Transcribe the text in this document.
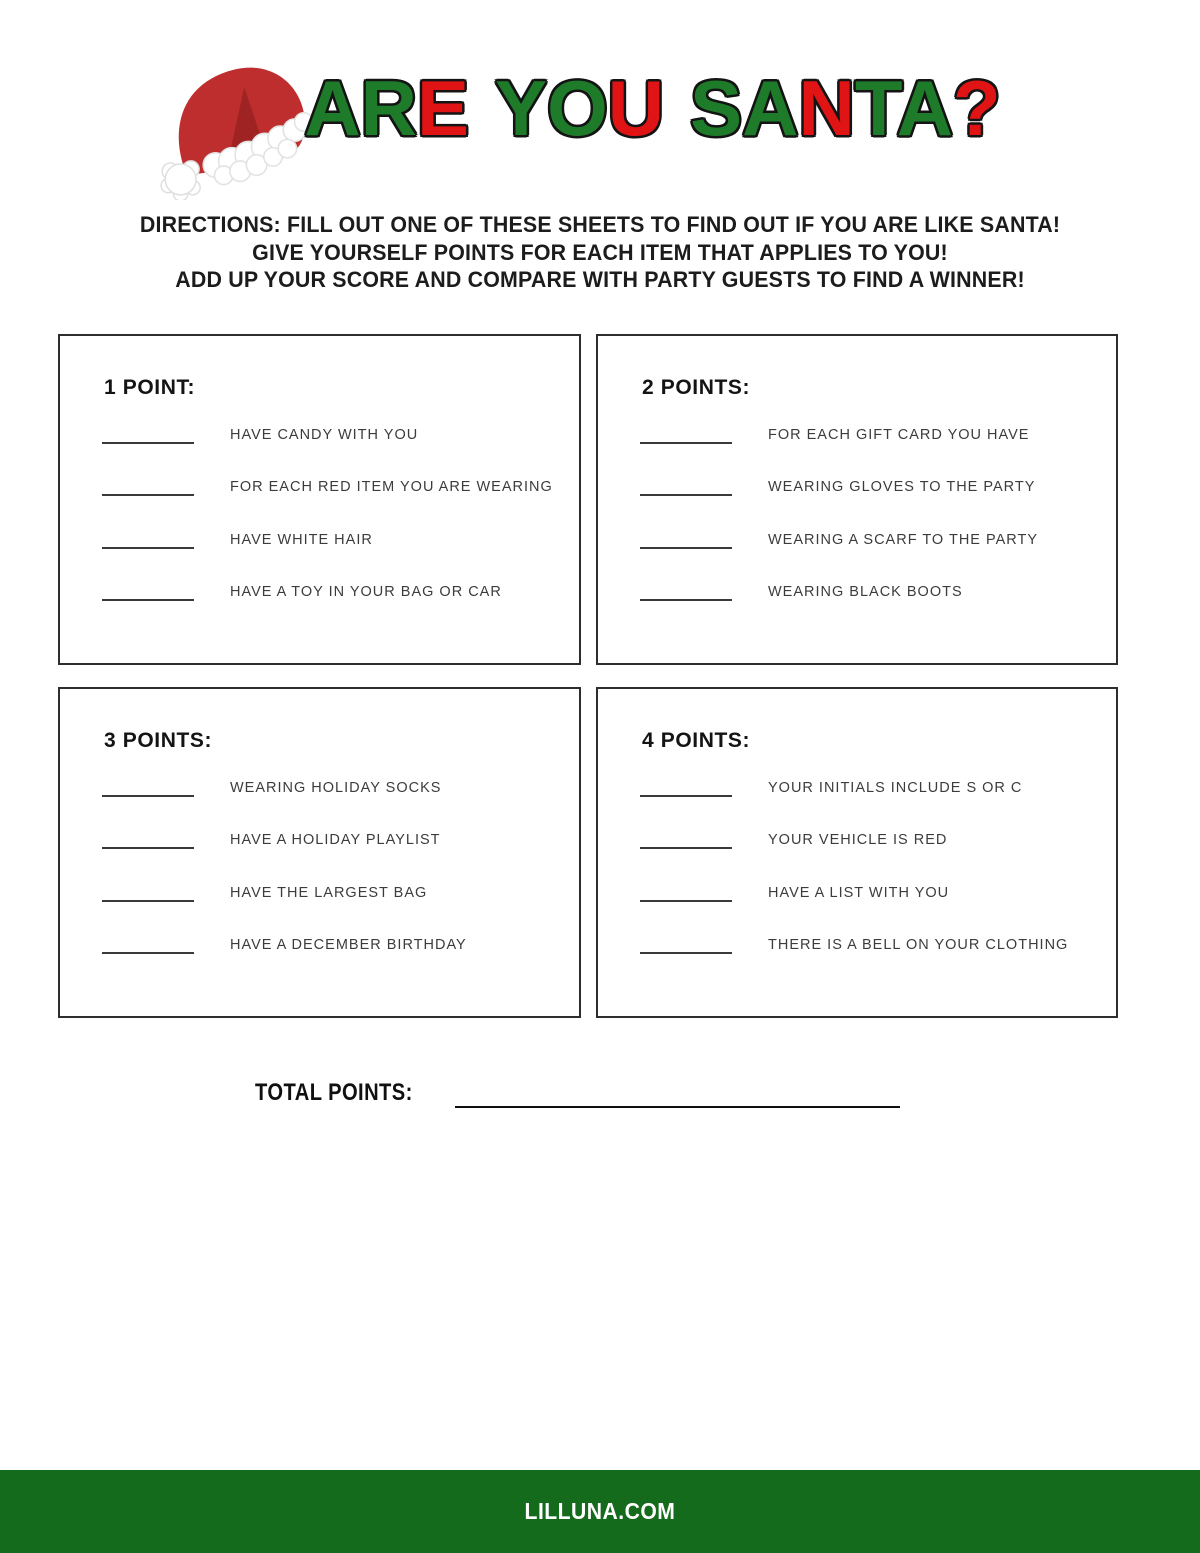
ARE YOU SANTA?

DIRECTIONS: FILL OUT ONE OF THESE SHEETS TO FIND OUT IF YOU ARE LIKE SANTA!
GIVE YOURSELF POINTS FOR EACH ITEM THAT APPLIES TO YOU!
ADD UP YOUR SCORE AND COMPARE WITH PARTY GUESTS TO FIND A WINNER!

1 POINT:
HAVE CANDY WITH YOU
FOR EACH RED ITEM YOU ARE WEARING
HAVE WHITE HAIR
HAVE A TOY IN YOUR BAG OR CAR
2 POINTS:
FOR EACH GIFT CARD YOU HAVE
WEARING GLOVES TO THE PARTY
WEARING A SCARF TO THE PARTY
WEARING BLACK BOOTS
3 POINTS:
WEARING HOLIDAY SOCKS
HAVE A HOLIDAY PLAYLIST
HAVE THE LARGEST BAG
HAVE A DECEMBER BIRTHDAY
4 POINTS:
YOUR INITIALS INCLUDE S OR C
YOUR VEHICLE IS RED
HAVE A LIST WITH YOU
THERE IS A BELL ON YOUR CLOTHING
TOTAL POINTS:
LILLUNA.COM
